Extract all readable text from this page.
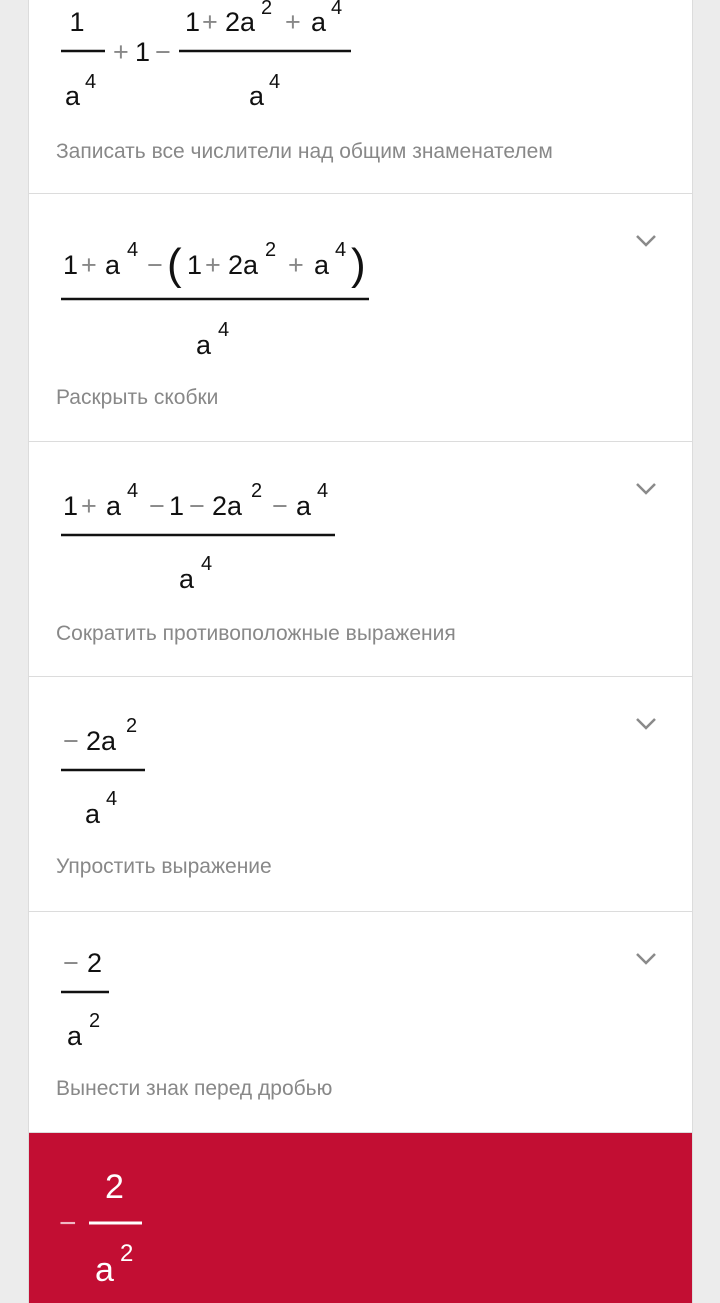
1
a 4
+ 1 −
1 + 2a 2 + a 4
a 4
Записать все числители над общим знаменателем
1 + a 4 − ( 1 + 2a 2 + a 4 )
a 4
Раскрыть скобки
1 + a 4 − 1 − 2a 2 − a 4
a 4
Сократить противоположные выражения
− 2a 2
a 4
Упростить выражение
− 2
a 2
Вынести знак перед дробью
−
2
a 2
